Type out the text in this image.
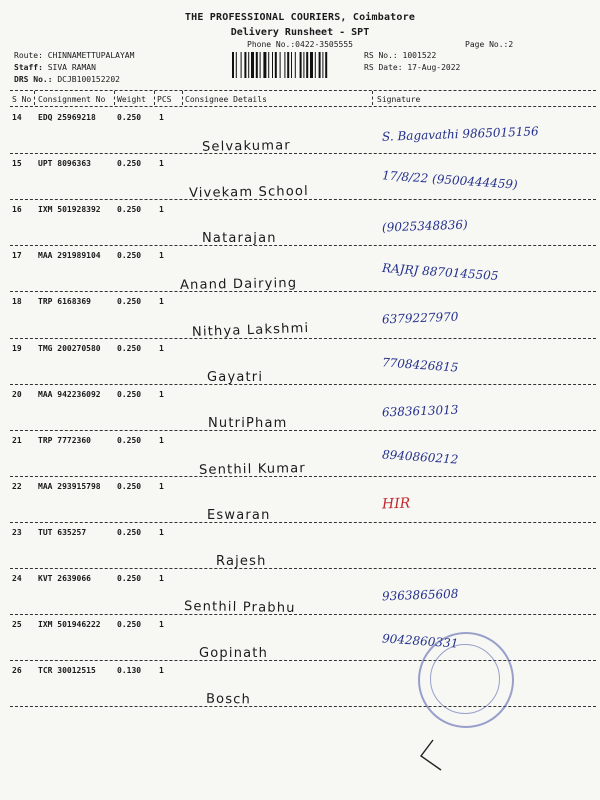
THE PROFESSIONAL COURIERS, Coimbatore
Delivery Runsheet - SPT
Phone No.:0422-3505555	Page No.:2
Route: CHINNAMETTUPALAYAM
Staff: SIVA RAMAN
DRS No.: DCJB100152202
RS No.: 1001522
RS Date: 17-Aug-2022
S No Consignment No Weight PCS Consignee Details	Signature
14 EDQ 25969218	0.250 1
Selvakumar
S. Bagavathi 9865015156
15 UPT 8096363	0.250 1
Vivekam School
17/8/22 (9500444459)
16 IXM 501928392 0.250 1
Natarajan
(9025348836)
17 MAA 291989104 0.250 1
Anand Dairying
RAJRJ 8870145505
18 TRP 6168369	0.250 1
Nithya Lakshmi
6379227970
19 TMG 200270580 0.250 1
Gayatri
7708426815
20 MAA 942236092 0.250 1
NutriPham
6383613013
21 TRP 7772360	0.250 1
Senthil Kumar
8940860212
22 MAA 293915798 0.250 1
Eswaran
HIR
23 TUT 635257	0.250 1
Rajesh
24 KVT 2639066	0.250 1
Senthil Prabhu
9363865608
25 IXM 501946222 0.250 1
Gopinath
9042860331
26 TCR 30012515	0.130 1
Bosch
